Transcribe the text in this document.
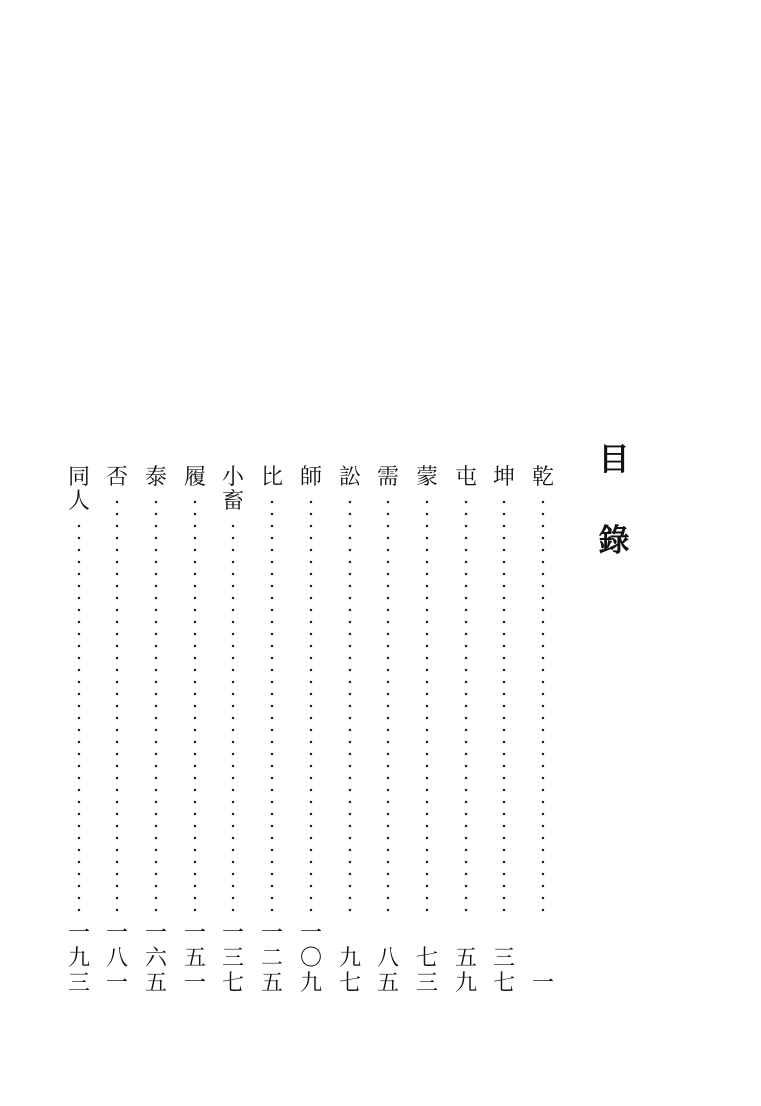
目
錄
乾
一
坤
三
七
屯
五
九
蒙
七
三
需
八
五
訟
九
七
師
一
〇
九
比
一
二
五
小
畜
一
三
七
履
一
五
一
泰
一
六
五
否
一
八
一
同
人
一
九
三
